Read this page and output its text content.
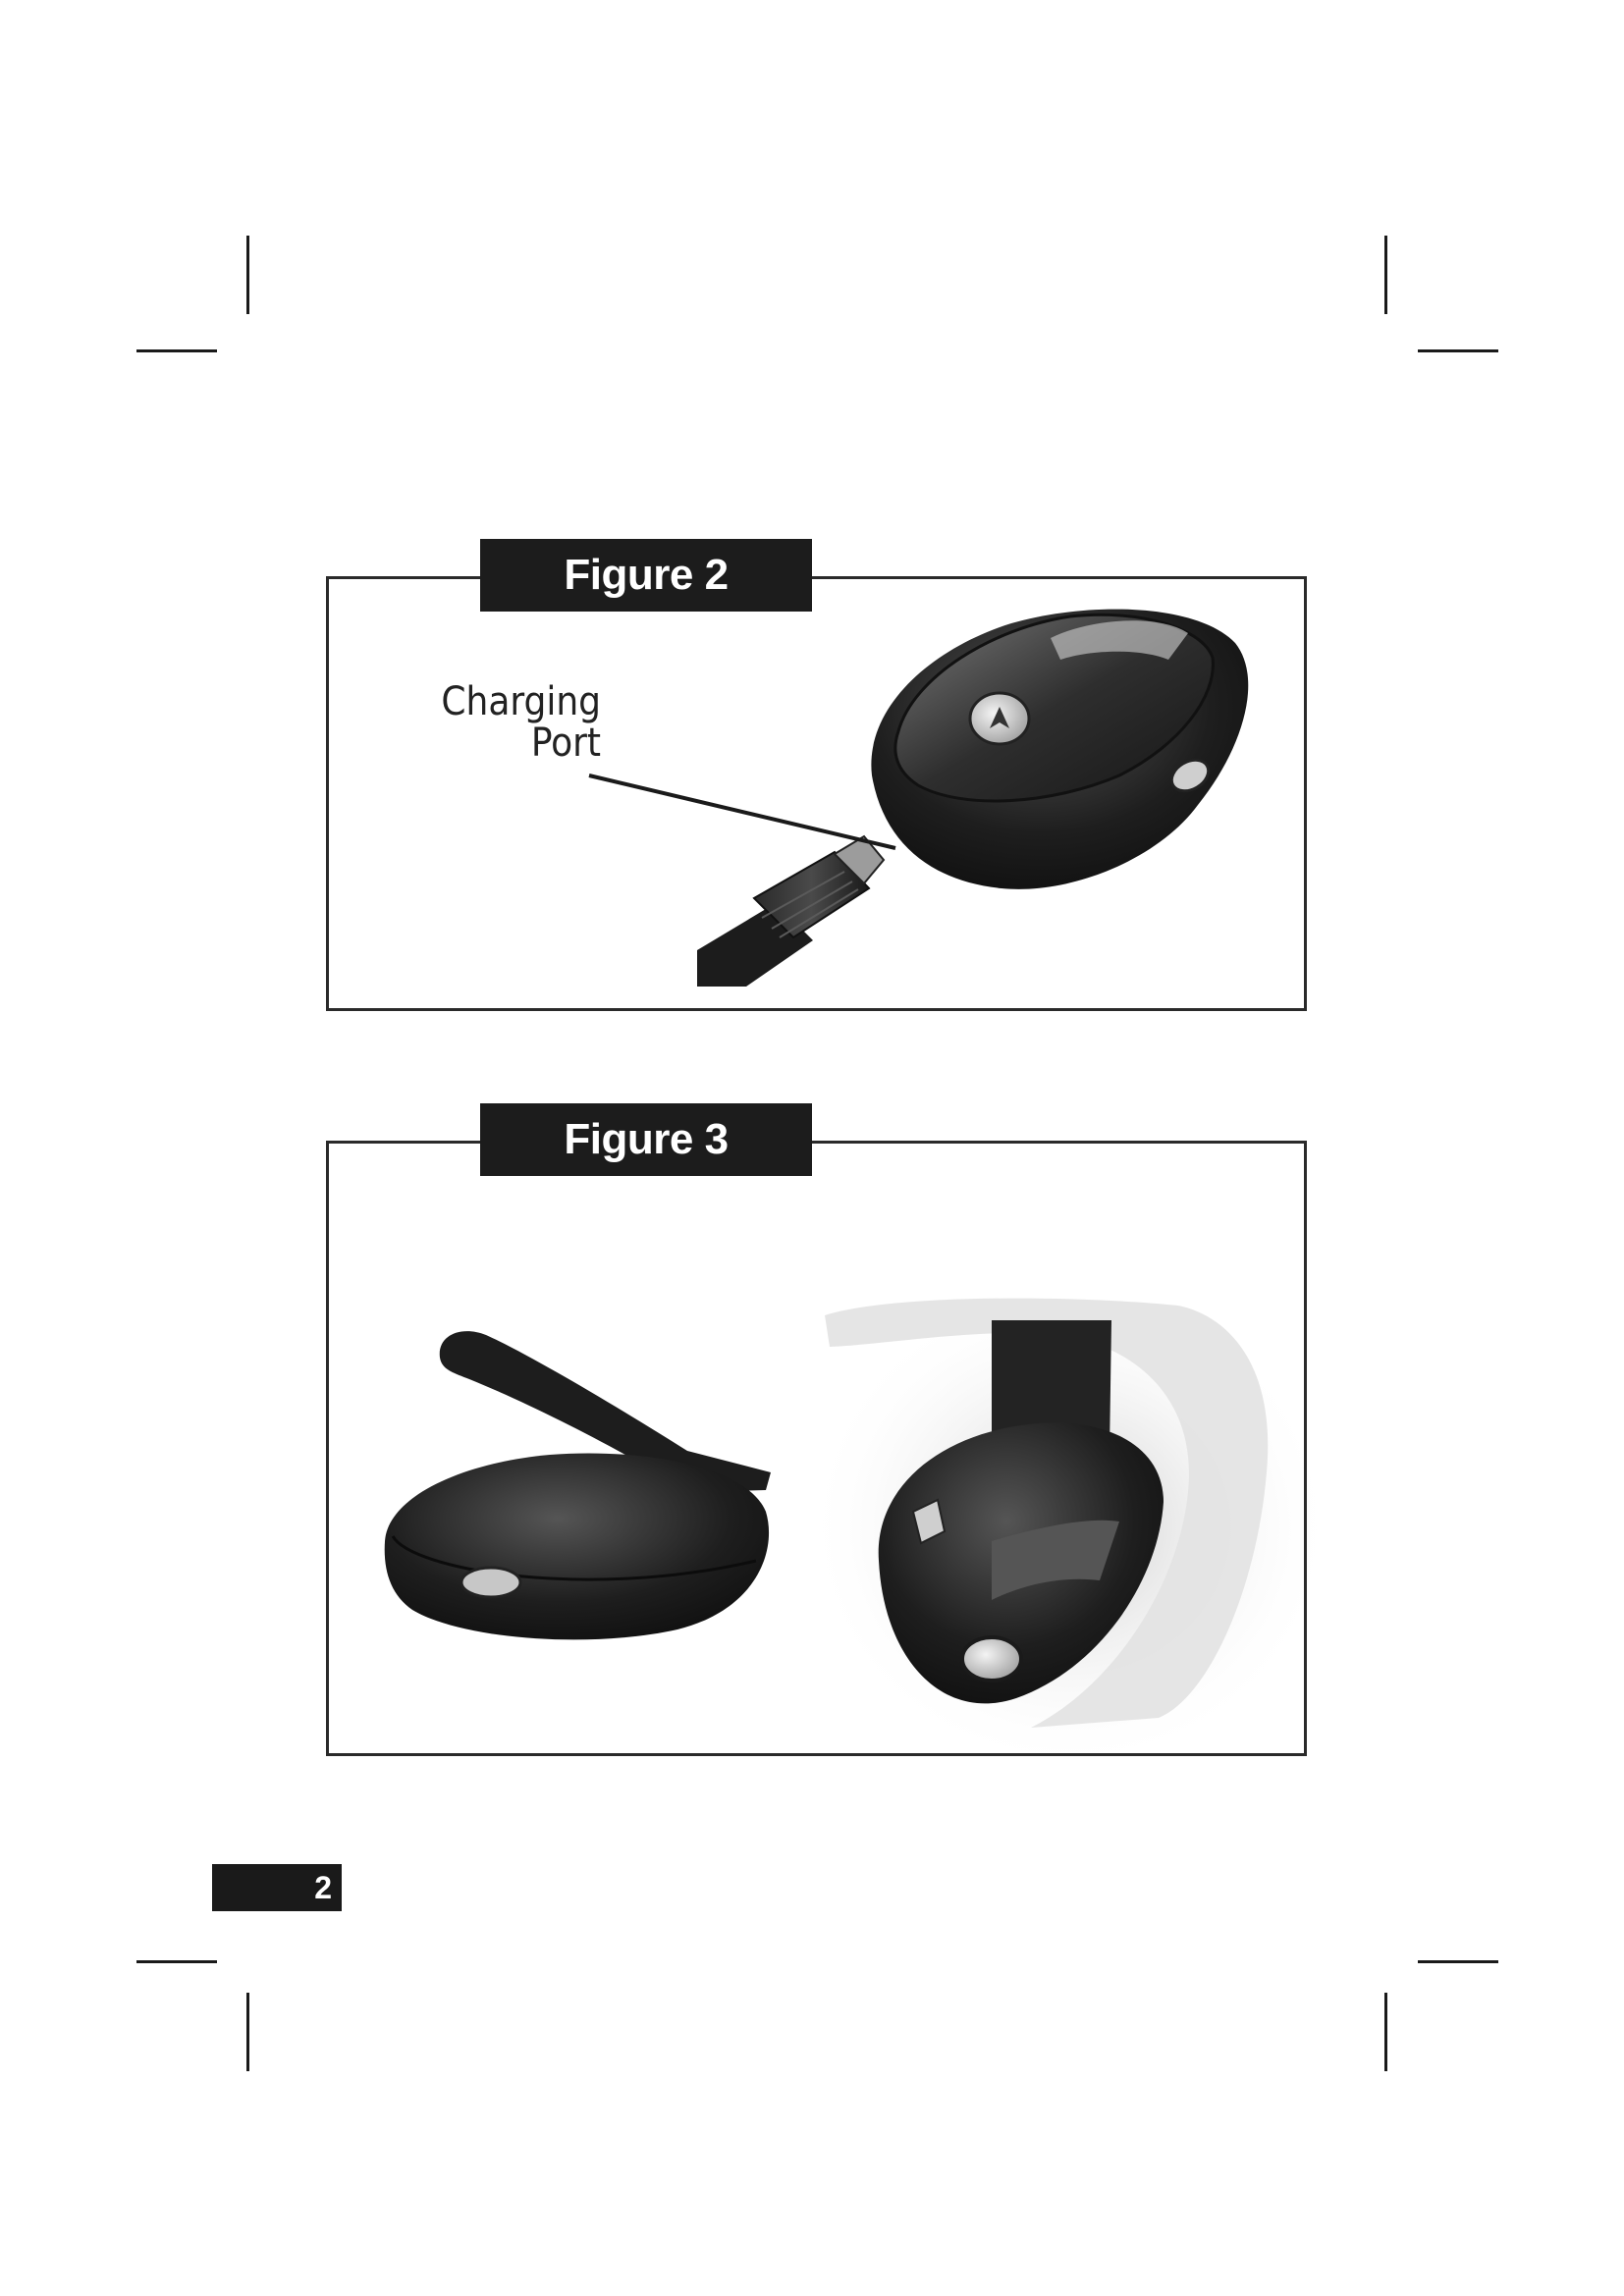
Figure 2
Charging
Port
Figure 3
2
